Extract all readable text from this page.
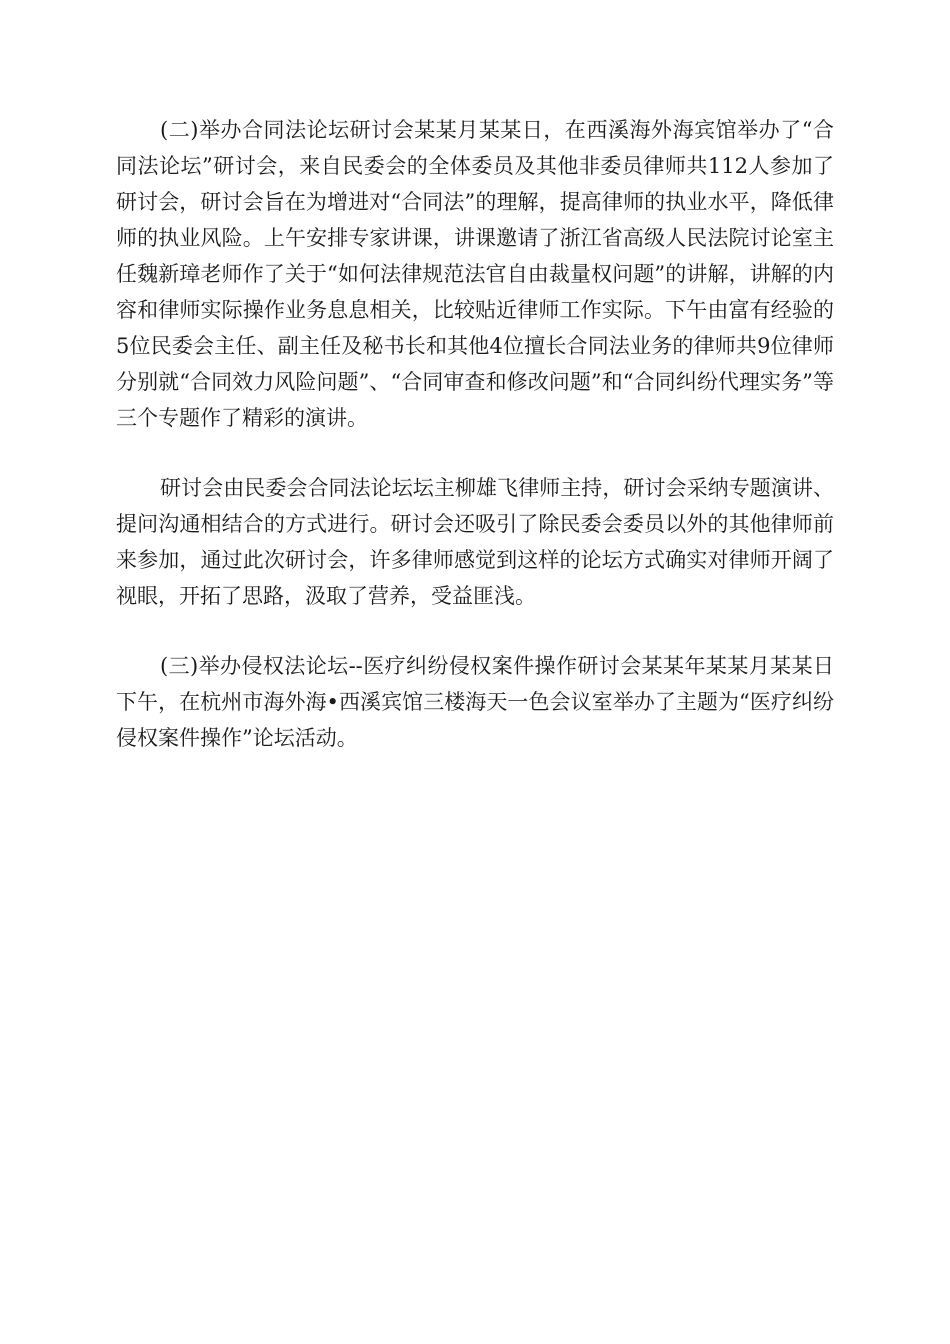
(二)举办合同法论坛研讨会某某月某某日，在西溪海外海宾馆举办了“合同法论坛”研讨会，来自民委会的全体委员及其他非委员律师共112人参加了研讨会，研讨会旨在为增进对“合同法”的理解，提高律师的执业水平，降低律师的执业风险。上午安排专家讲课，讲课邀请了浙江省高级人民法院讨论室主任魏新璋老师作了关于“如何法律规范法官自由裁量权问题”的讲解，讲解的内容和律师实际操作业务息息相关，比较贴近律师工作实际。下午由富有经验的5位民委会主任、副主任及秘书长和其他4位擅长合同法业务的律师共9位律师分别就“合同效力风险问题”、“合同审查和修改问题”和“合同纠纷代理实务”等三个专题作了精彩的演讲。

研讨会由民委会合同法论坛坛主柳雄飞律师主持，研讨会采纳专题演讲、提问沟通相结合的方式进行。研讨会还吸引了除民委会委员以外的其他律师前来参加，通过此次研讨会，许多律师感觉到这样的论坛方式确实对律师开阔了视眼，开拓了思路，汲取了营养，受益匪浅。

(三)举办侵权法论坛--医疗纠纷侵权案件操作研讨会某某年某某月某某日下午，在杭州市海外海•西溪宾馆三楼海天一色会议室举办了主题为“医疗纠纷侵权案件操作”论坛活动。
